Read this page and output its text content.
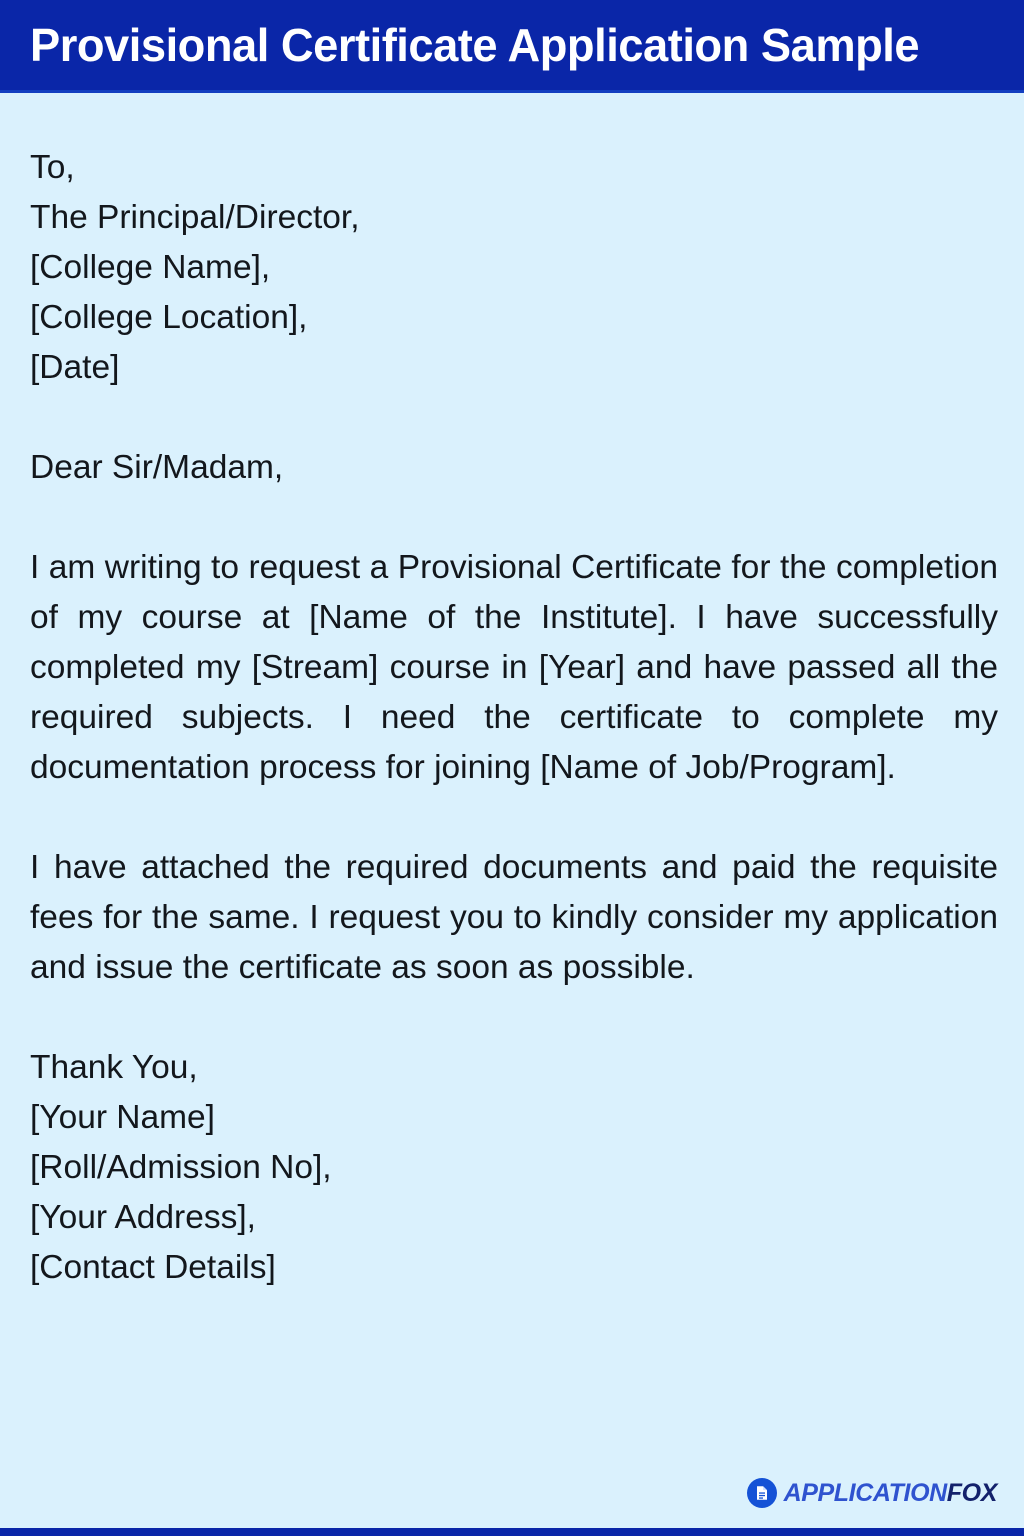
Provisional Certificate Application Sample
To,
The Principal/Director,
[College Name],
[College Location],
[Date]
Dear Sir/Madam,

I am writing to request a Provisional Certificate for the completion of my course at [Name of the Institute]. I have successfully completed my [Stream] course in [Year] and have passed all the required subjects. I need the certificate to complete my documentation process for joining [Name of Job/Program].

I have attached the required documents and paid the requisite fees for the same. I request you to kindly consider my application and issue the certificate as soon as possible.

Thank You,
[Your Name]
[Roll/Admission No],
[Your Address],
[Contact Details]
APPLICATIONFOX
